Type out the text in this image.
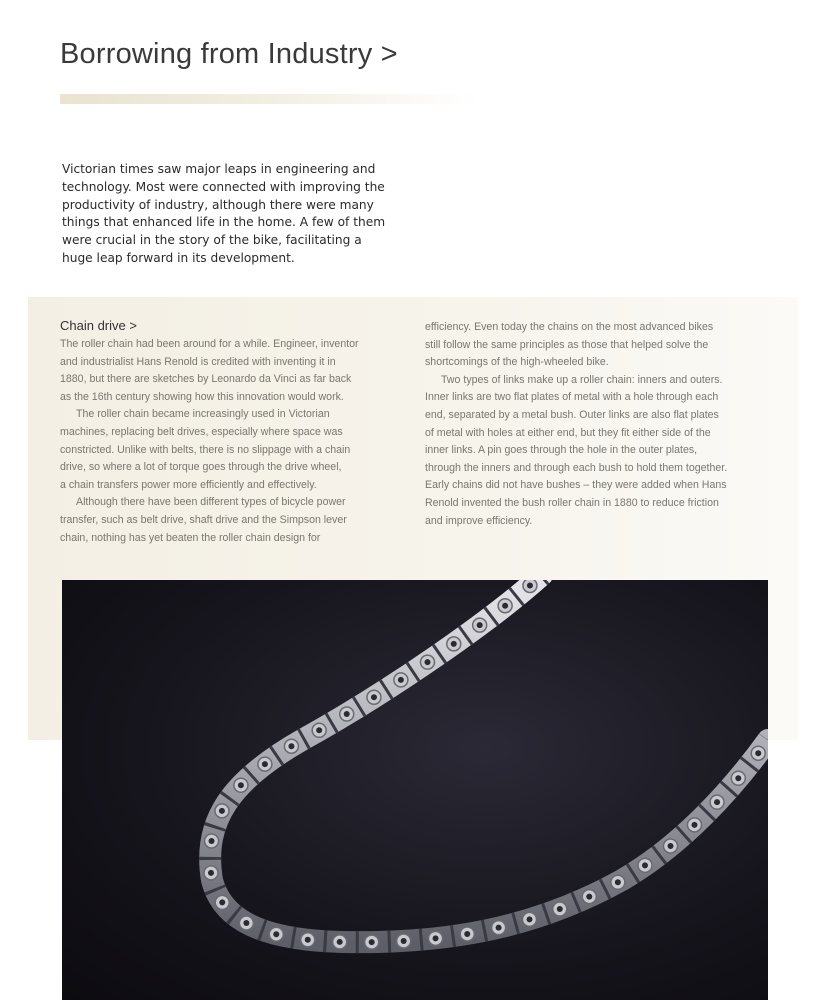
Borrowing from Industry >
Victorian times saw major leaps in engineering and
technology. Most were connected with improving the
productivity of industry, although there were many
things that enhanced life in the home. A few of them
were crucial in the story of the bike, facilitating a
huge leap forward in its development.
Chain drive >
The roller chain had been around for a while. Engineer, inventor
and industrialist Hans Renold is credited with inventing it in
1880, but there are sketches by Leonardo da Vinci as far back
as the 16th century showing how this innovation would work.
The roller chain became increasingly used in Victorian
machines, replacing belt drives, especially where space was
constricted. Unlike with belts, there is no slippage with a chain
drive, so where a lot of torque goes through the drive wheel,
a chain transfers power more efficiently and effectively.
Although there have been different types of bicycle power
transfer, such as belt drive, shaft drive and the Simpson lever
chain, nothing has yet beaten the roller chain design for
efficiency. Even today the chains on the most advanced bikes
still follow the same principles as those that helped solve the
shortcomings of the high-wheeled bike.
Two types of links make up a roller chain: inners and outers.
Inner links are two flat plates of metal with a hole through each
end, separated by a metal bush. Outer links are also flat plates
of metal with holes at either end, but they fit either side of the
inner links. A pin goes through the hole in the outer plates,
through the inners and through each bush to hold them together.
Early chains did not have bushes – they were added when Hans
Renold invented the bush roller chain in 1880 to reduce friction
and improve efficiency.
